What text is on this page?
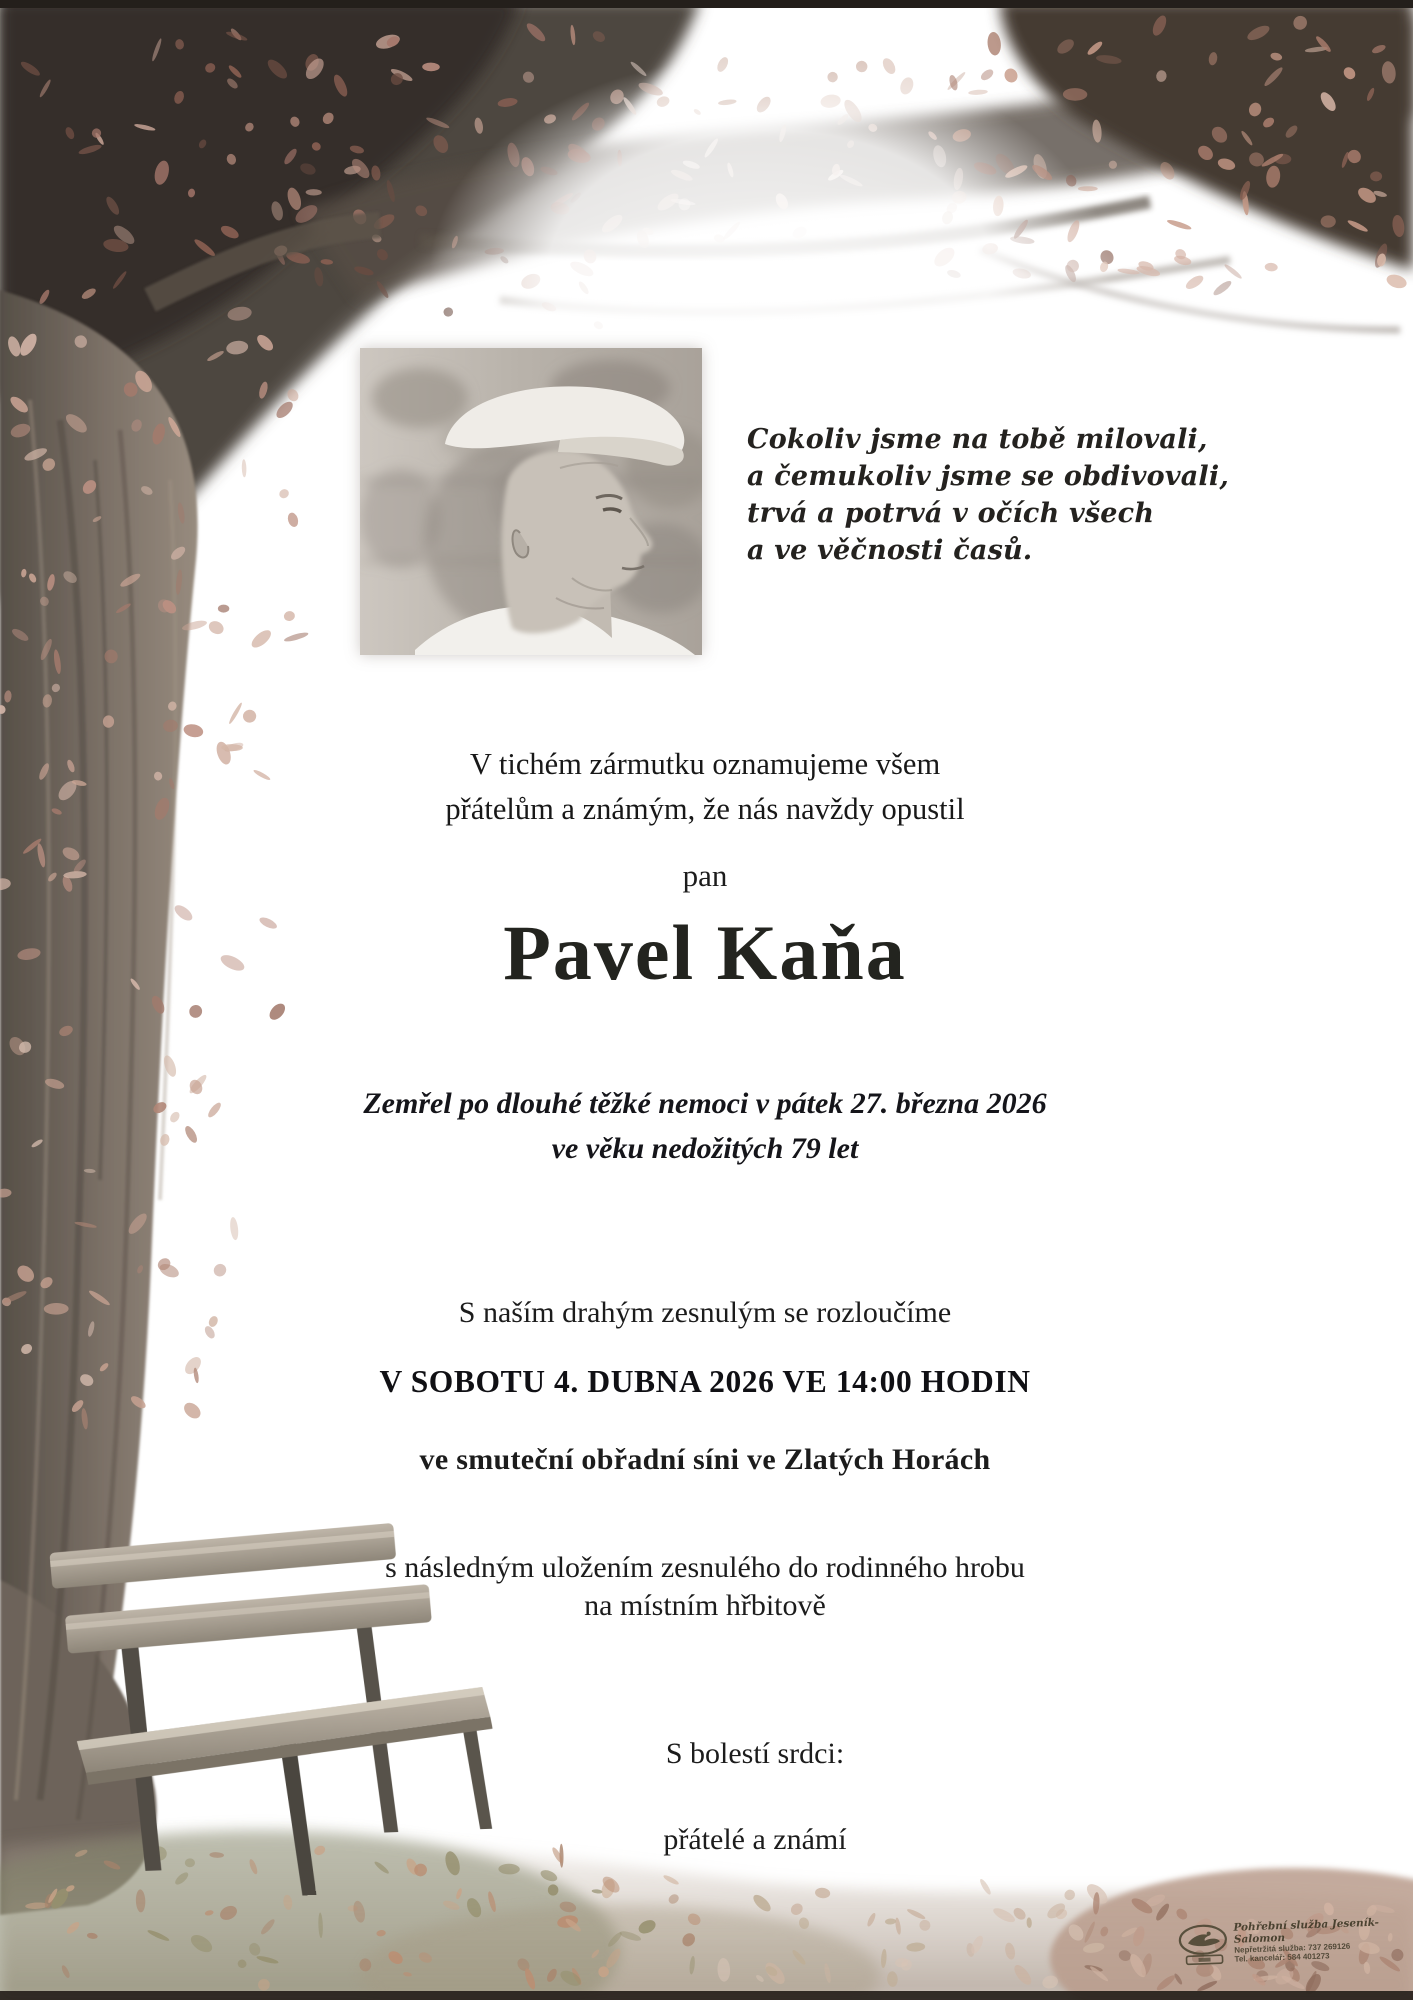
Cokoliv jsme na tobě milovali,
a čemukoliv jsme se obdivovali,
trvá a potrvá v očích všech
a ve věčnosti časů.
V tichém zármutku oznamujeme všem
přátelům a známým, že nás navždy opustil
pan
Pavel Kaňa
Zemřel po dlouhé těžké nemoci v pátek 27. března 2026
ve věku nedožitých 79 let
S naším drahým zesnulým se rozloučíme
V SOBOTU 4. DUBNA 2026 VE 14:00 HODIN
ve smuteční obřadní síni ve Zlatých Horách
s následným uložením zesnulého do rodinného hrobu
na místním hřbitově
S bolestí srdci:
přátelé a známí
Pohřební služba Jeseník-Salomon
Nepřetržitá služba: 737 269126
Tel. kancelář: 584 401273
